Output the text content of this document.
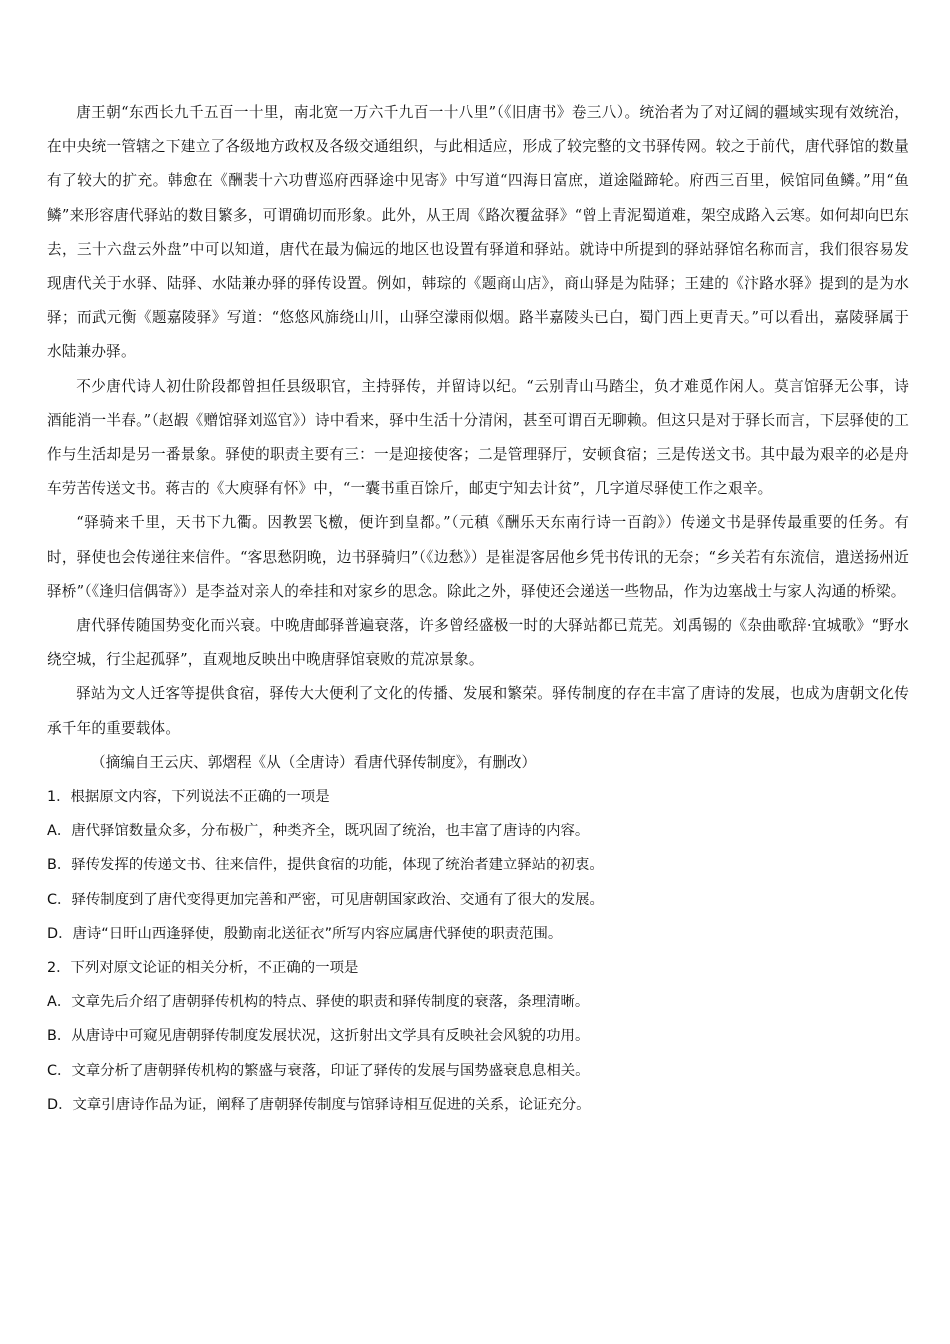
唐王朝“东西长九千五百一十里，南北宽一万六千九百一十八里”（《旧唐书》卷三八）。统治者为了对辽阔的疆域实现有效统治，在中央统一管辖之下建立了各级地方政权及各级交通组织，与此相适应，形成了较完整的文书驿传网。较之于前代，唐代驿馆的数量有了较大的扩充。韩愈在《酬裴十六功曹巡府西驿途中见寄》中写道“四海日富庶，道途隘蹄轮。府西三百里，候馆同鱼鳞。”用“鱼鳞”来形容唐代驿站的数目繁多，可谓确切而形象。此外，从王周《路次覆盆驿》“曾上青泥蜀道难，架空成路入云寒。如何却向巴东去，三十六盘云外盘”中可以知道，唐代在最为偏远的地区也设置有驿道和驿站。就诗中所提到的驿站驿馆名称而言，我们很容易发现唐代关于水驿、陆驿、水陆兼办驿的驿传设置。例如，韩琮的《题商山店》，商山驿是为陆驿；王建的《汴路水驿》提到的是为水驿；而武元衡《题嘉陵驿》写道：“悠悠风旆绕山川，山驿空濛雨似烟。路半嘉陵头已白，蜀门西上更青天。”可以看出，嘉陵驿属于水陆兼办驿。

不少唐代诗人初仕阶段都曾担任县级职官，主持驿传，并留诗以纪。“云别青山马踏尘，负才难觅作闲人。莫言馆驿无公事，诗酒能消一半春。”（赵嘏《赠馆驿刘巡官》）诗中看来，驿中生活十分清闲，甚至可谓百无聊赖。但这只是对于驿长而言，下层驿使的工作与生活却是另一番景象。驿使的职责主要有三：一是迎接使客；二是管理驿厅，安顿食宿；三是传送文书。其中最为艰辛的必是舟车劳苦传送文书。蒋吉的《大庾驿有怀》中，“一囊书重百馀斤，邮吏宁知去计贫”，几字道尽驿使工作之艰辛。

“驿骑来千里，天书下九衢。因教罢飞檄，便许到皇都。”（元稹《酬乐天东南行诗一百韵》）传递文书是驿传最重要的任务。有时，驿使也会传递往来信件。“客思愁阴晚，边书驿骑归”（《边愁》）是崔湜客居他乡凭书传讯的无奈；“乡关若有东流信，遣送扬州近驿桥”（《逢归信偶寄》）是李益对亲人的牵挂和对家乡的思念。除此之外，驿使还会递送一些物品，作为边塞战士与家人沟通的桥梁。

唐代驿传随国势变化而兴衰。中晚唐邮驿普遍衰落，许多曾经盛极一时的大驿站都已荒芜。刘禹锡的《杂曲歌辞·宜城歌》“野水绕空城，行尘起孤驿”，直观地反映出中晚唐驿馆衰败的荒凉景象。

驿站为文人迁客等提供食宿，驿传大大便利了文化的传播、发展和繁荣。驿传制度的存在丰富了唐诗的发展，也成为唐朝文化传承千年的重要载体。

（摘编自王云庆、郭熠程《从（全唐诗）看唐代驿传制度》，有删改）

1．根据原文内容，下列说法不正确的一项是

A．唐代驿馆数量众多，分布极广，种类齐全，既巩固了统治，也丰富了唐诗的内容。

B．驿传发挥的传递文书、往来信件，提供食宿的功能，体现了统治者建立驿站的初衷。

C．驿传制度到了唐代变得更加完善和严密，可见唐朝国家政治、交通有了很大的发展。

D．唐诗“日旰山西逢驿使，殷勤南北送征衣”所写内容应属唐代驿使的职责范围。

2．下列对原文论证的相关分析，不正确的一项是

A．文章先后介绍了唐朝驿传机构的特点、驿使的职责和驿传制度的衰落，条理清晰。

B．从唐诗中可窥见唐朝驿传制度发展状况，这折射出文学具有反映社会风貌的功用。

C．文章分析了唐朝驿传机构的繁盛与衰落，印证了驿传的发展与国势盛衰息息相关。

D．文章引唐诗作品为证，阐释了唐朝驿传制度与馆驿诗相互促进的关系，论证充分。
